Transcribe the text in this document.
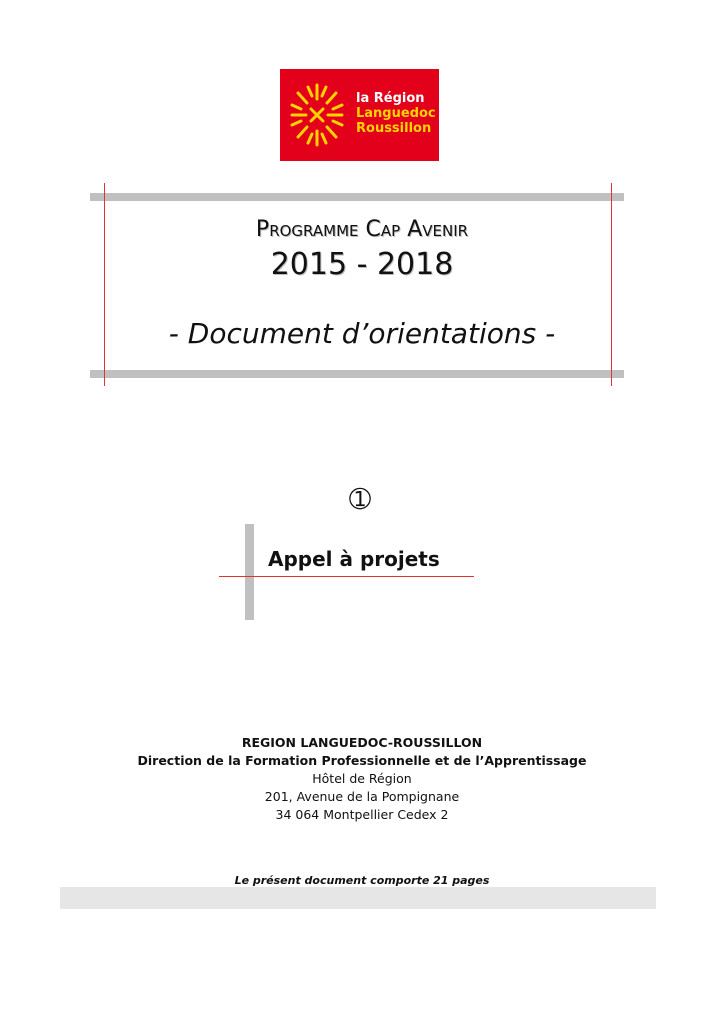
la Région
Languedoc
Roussillon
PROGRAMME CAP AVENIR
2015 - 2018
- Document d’orientations -
➀
Appel à projets
REGION LANGUEDOC-ROUSSILLON
Direction de la Formation Professionnelle et de l’Apprentissage
Hôtel de Région
201, Avenue de la Pompignane
34 064 Montpellier Cedex 2
Le présent document comporte 21 pages
